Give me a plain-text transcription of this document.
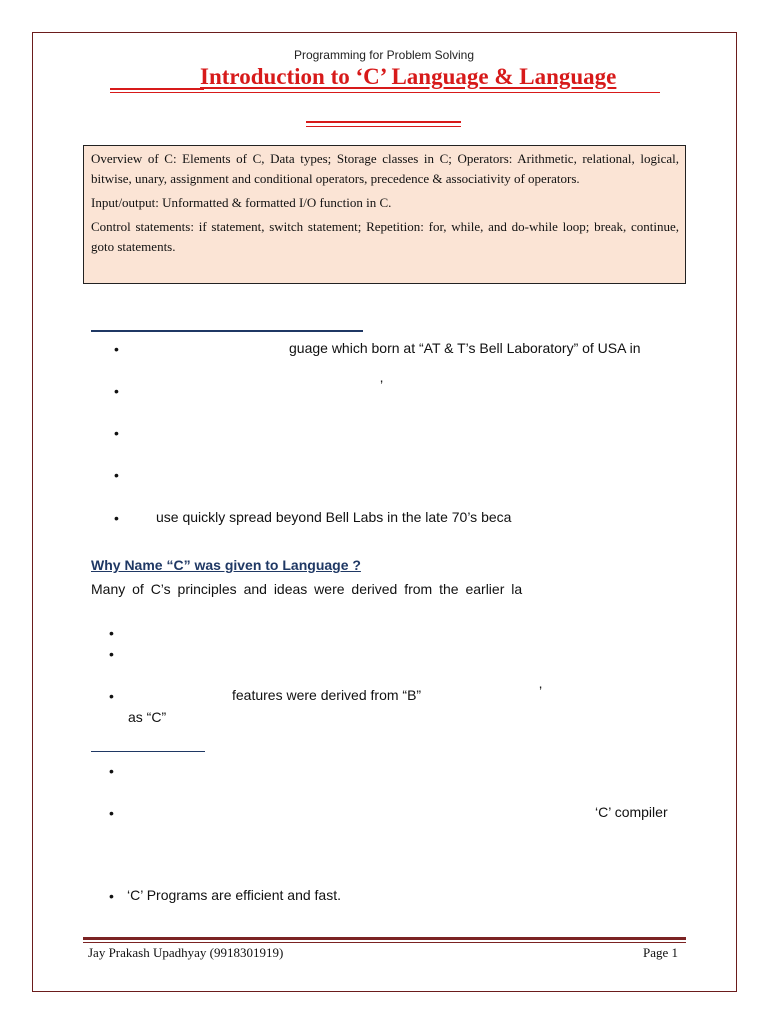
Programming for Problem Solving
Introduction to ‘C’ Language & Language

Overview of C: Elements of C, Data types; Storage classes in C; Operators: Arithmetic, relational, logical, bitwise, unary, assignment and conditional operators, precedence & associativity of operators.

Input/output: Unformatted & formatted I/O function in C.

Control statements: if statement, switch statement; Repetition: for, while, and do-while loop; break, continue, goto statements.

•	guage which born at “AT & T’s Bell Laboratory” of USA in
•	’
•
•
•	use quickly spread beyond Bell Labs in the late 70’s beca
Why Name “C” was given to Language ?
Many of C’s principles and ideas were derived from the earlier la
•
•
•	features were derived from “B”	’
as “C”
•
•	‘C’ compiler
• ‘C’ Programs are efficient and fast.
Jay Prakash Upadhyay (9918301919)	Page 1
